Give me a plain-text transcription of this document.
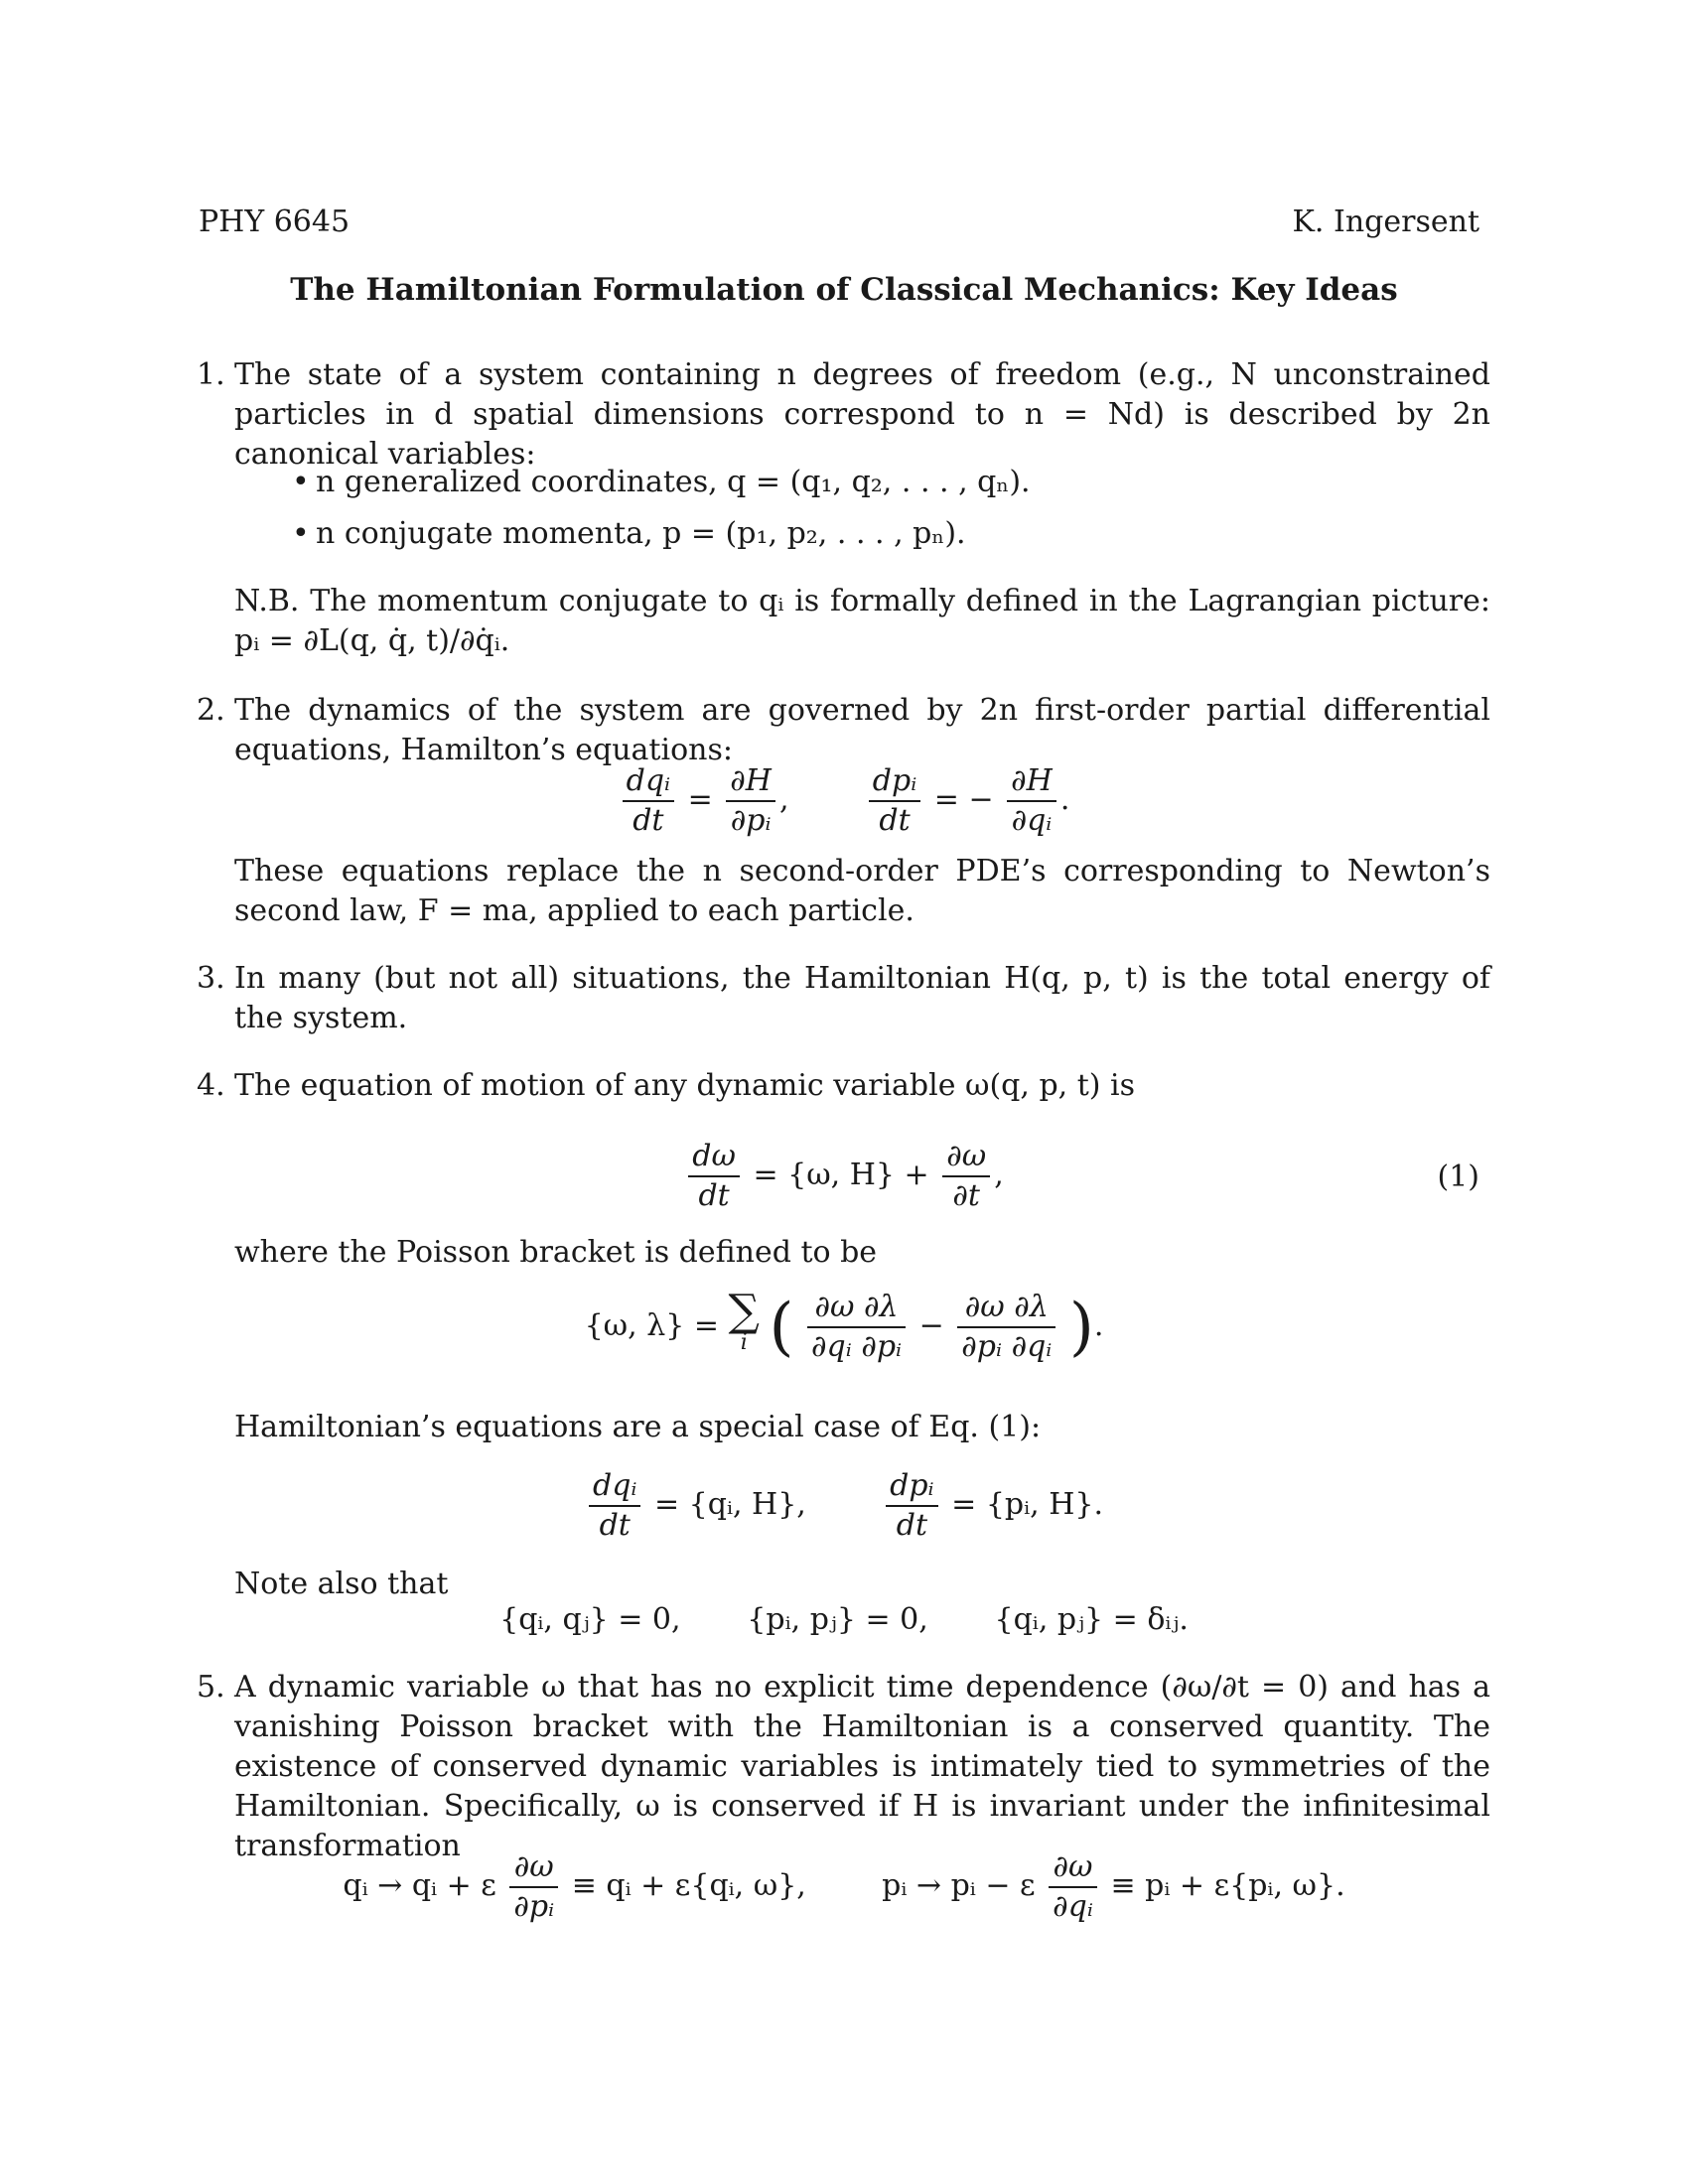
PHY 6645	K. Ingersent
The Hamiltonian Formulation of Classical Mechanics: Key Ideas
1. The state of a system containing n degrees of freedom (e.g., N unconstrained particles in d spatial dimensions correspond to n = Nd) is described by 2n canonical variables:
• n generalized coordinates, q = (q₁, q₂, . . . , qₙ).
• n conjugate momenta, p = (p₁, p₂, . . . , pₙ).
N.B. The momentum conjugate to qᵢ is formally defined in the Lagrangian picture: pᵢ = ∂L(q, q̇, t)/∂q̇ᵢ.
2. The dynamics of the system are governed by 2n first-order partial differential equations, Hamilton’s equations:
$\frac{\text{dqᵢ}}{dt} = \frac{\partial H}{\text{∂pᵢ}}$ , $\frac{\text{dpᵢ}}{dt}$ = − $\frac{\partial H}{\text{∂qᵢ}}$ .
These equations replace the n second-order PDE’s corresponding to Newton’s second law, F = ma, applied to each particle.
3. In many (but not all) situations, the Hamiltonian H(q, p, t) is the total energy of the system.
4. The equation of motion of any dynamic variable ω(q, p, t) is
$\frac{d\omega}{dt} = \{\omega$, $H\} + \frac{\partial\omega}{\partial t}$ ,	(1)
where the Poisson bracket is defined to be
{ω, λ} = ∑
i ( $\frac{\partial\omega \partial\lambda}{\text{∂qᵢ ∂pᵢ}} - \frac{\partial\omega \partial\lambda}{\text{∂pᵢ ∂qᵢ}}$ ).
Hamiltonian’s equations are a special case of Eq. (1):
$\frac{\text{dqᵢ}}{dt}$ = {qᵢ, H},	$\frac{\text{dpᵢ}}{dt}$ = {pᵢ, H}.
Note also that
{qᵢ, qⱼ} = 0,       {pᵢ, pⱼ} = 0,       {qᵢ, pⱼ} = δᵢⱼ.
5. A dynamic variable ω that has no explicit time dependence (∂ω/∂t = 0) and has a vanishing Poisson bracket with the Hamiltonian is a conserved quantity. The existence of conserved dynamic variables is intimately tied to symmetries of the Hamiltonian. Specifically, ω is conserved if H is invariant under the infinitesimal transformation
qᵢ → qᵢ + ε $\frac{\partial\omega}{\text{∂pᵢ}}$ ≡ qᵢ + ε{qᵢ, ω},	pᵢ → pᵢ − ε $\frac{\partial\omega}{\text{∂qᵢ}}$ ≡ pᵢ + ε{pᵢ, ω}.
